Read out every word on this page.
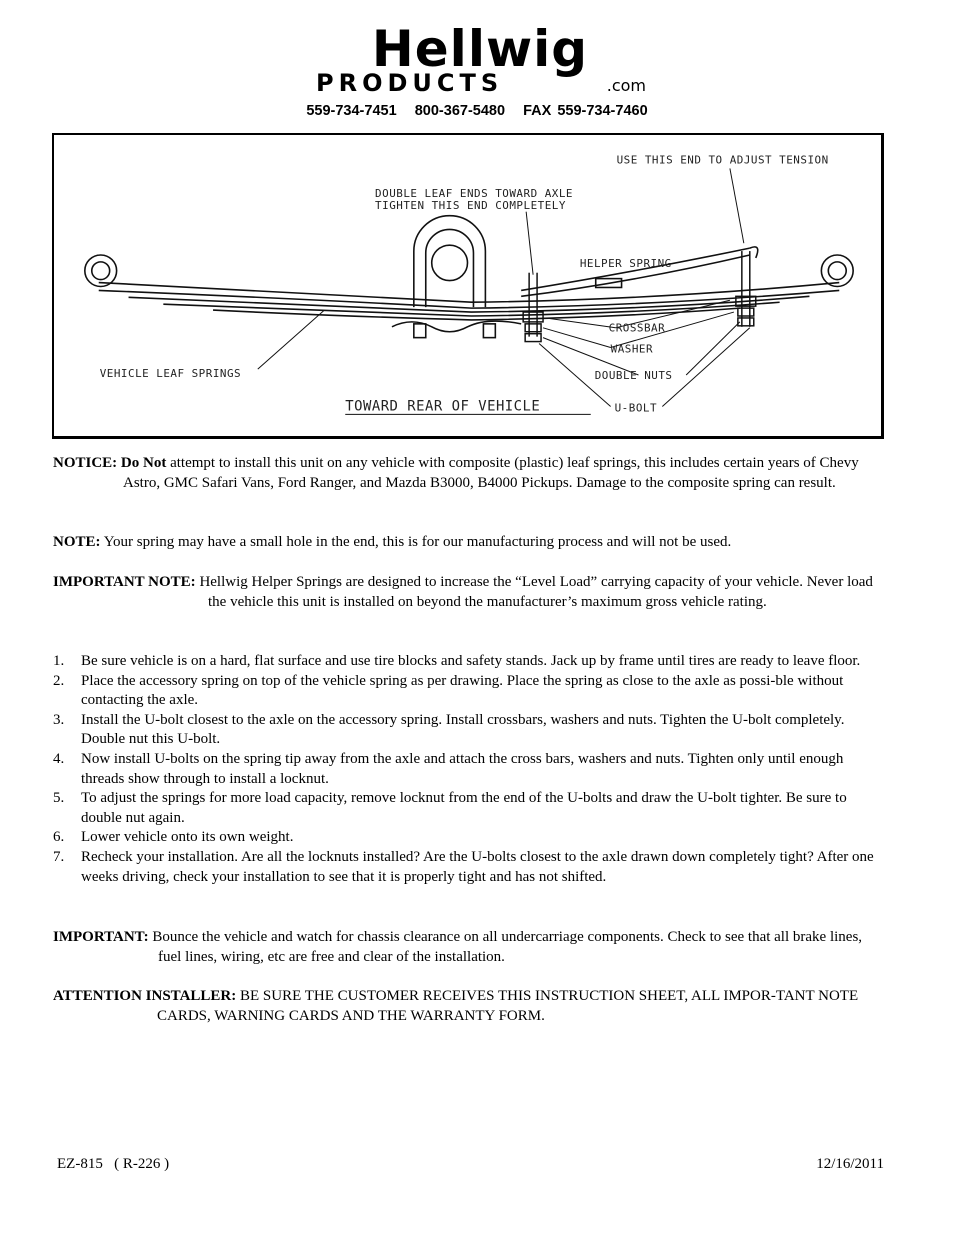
Hellwig
PRODUCTS	.com
559-734-7451   800-367-5480   FAX 559-734-7460
USE THIS END TO ADJUST TENSION
DOUBLE LEAF ENDS TOWARD AXLE
TIGHTEN THIS END COMPLETELY
HELPER SPRING
CROSSBAR
WASHER
DOUBLE NUTS
U-BOLT
VEHICLE LEAF SPRINGS
TOWARD REAR OF VEHICLE

NOTICE: Do Not attempt to install this unit on any vehicle with composite (plastic) leaf springs, this includes certain years of Chevy Astro, GMC Safari Vans, Ford Ranger, and Mazda B3000, B4000 Pickups. Damage to the composite spring can result.

NOTE: Your spring may have a small hole in the end, this is for our manufacturing process and will not be used.

IMPORTANT NOTE: Hellwig Helper Springs are designed to increase the “Level Load” carrying capacity of your vehicle. Never load the vehicle this unit is installed on beyond the manufacturer’s maximum gross vehicle rating.

1. Be sure vehicle is on a hard, flat surface and use tire blocks and safety stands. Jack up by frame until tires are ready to leave floor.
2. Place the accessory spring on top of the vehicle spring as per drawing. Place the spring as close to the axle as possi-ble without contacting the axle.
3. Install the U-bolt closest to the axle on the accessory spring. Install crossbars, washers and nuts. Tighten the U-bolt completely. Double nut this U-bolt.
4. Now install U-bolts on the spring tip away from the axle and attach the cross bars, washers and nuts. Tighten only until enough threads show through to install a locknut.
5. To adjust the springs for more load capacity, remove locknut from the end of the U-bolts and draw the U-bolt tighter. Be sure to double nut again.
6. Lower vehicle onto its own weight.
7. Recheck your installation. Are all the locknuts installed? Are the U-bolts closest to the axle drawn down completely tight? After one weeks driving, check your installation to see that it is properly tight and has not shifted.

IMPORTANT: Bounce the vehicle and watch for chassis clearance on all undercarriage components. Check to see that all brake lines, fuel lines, wiring, etc are free and clear of the installation.

ATTENTION INSTALLER: BE SURE THE CUSTOMER RECEIVES THIS INSTRUCTION SHEET, ALL IMPOR-TANT NOTE CARDS, WARNING CARDS AND THE WARRANTY FORM.

EZ-815   ( R-226 )	12/16/2011
